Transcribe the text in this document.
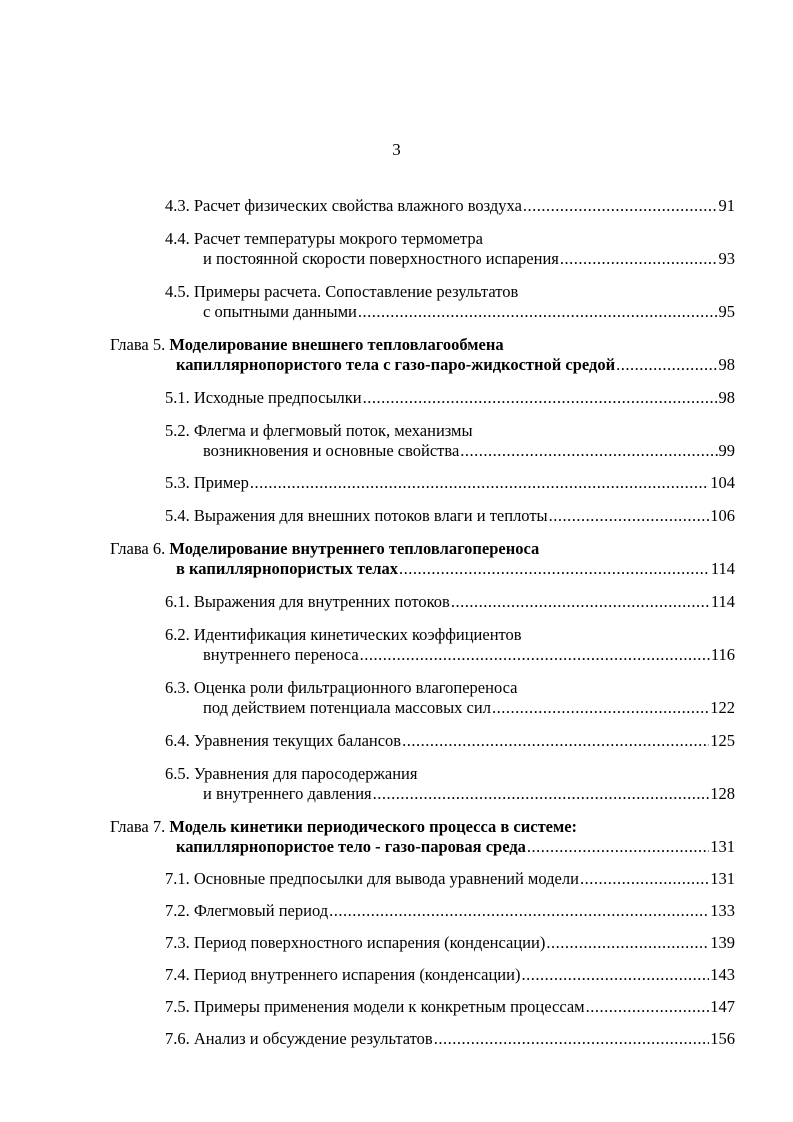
3
4.3. Расчет физических свойства влажного воздуха .....	91
4.4. Расчет температуры мокрого термометра
и постоянной скорости поверхностного испарения .....	93
4.5. Примеры расчета. Сопоставление результатов
с опытными данными .....	95
Глава 5. Моделирование внешнего тепловлагообмена
капиллярнопористого тела с газо-паро-жидкостной средой .....	98
5.1. Исходные предпосылки .....	98
5.2. Флегма и флегмовый поток, механизмы
возникновения и основные свойства .....	99
5.3. Пример .....	104
5.4. Выражения для внешних потоков влаги и теплоты .....	106
Глава 6. Моделирование внутреннего тепловлагопереноса
в капиллярнопористых телах .....	114
6.1. Выражения для внутренних потоков .....	114
6.2. Идентификация кинетических коэффициентов
внутреннего переноса .....	116
6.3. Оценка роли фильтрационного влагопереноса
под действием потенциала массовых сил .....	122
6.4. Уравнения текущих балансов .....	125
6.5. Уравнения для паросодержания
и внутреннего давления .....	128
Глава 7. Модель кинетики периодического процесса в системе:
капиллярнопористое тело - газо-паровая среда .....	131
7.1. Основные предпосылки для вывода уравнений модели .....	131
7.2. Флегмовый период .....	133
7.3. Период поверхностного испарения (конденсации) .....	139
7.4. Период внутреннего испарения (конденсации) .....	143
7.5. Примеры применения модели к конкретным процессам .....	147
7.6. Анализ и обсуждение результатов .....	156
